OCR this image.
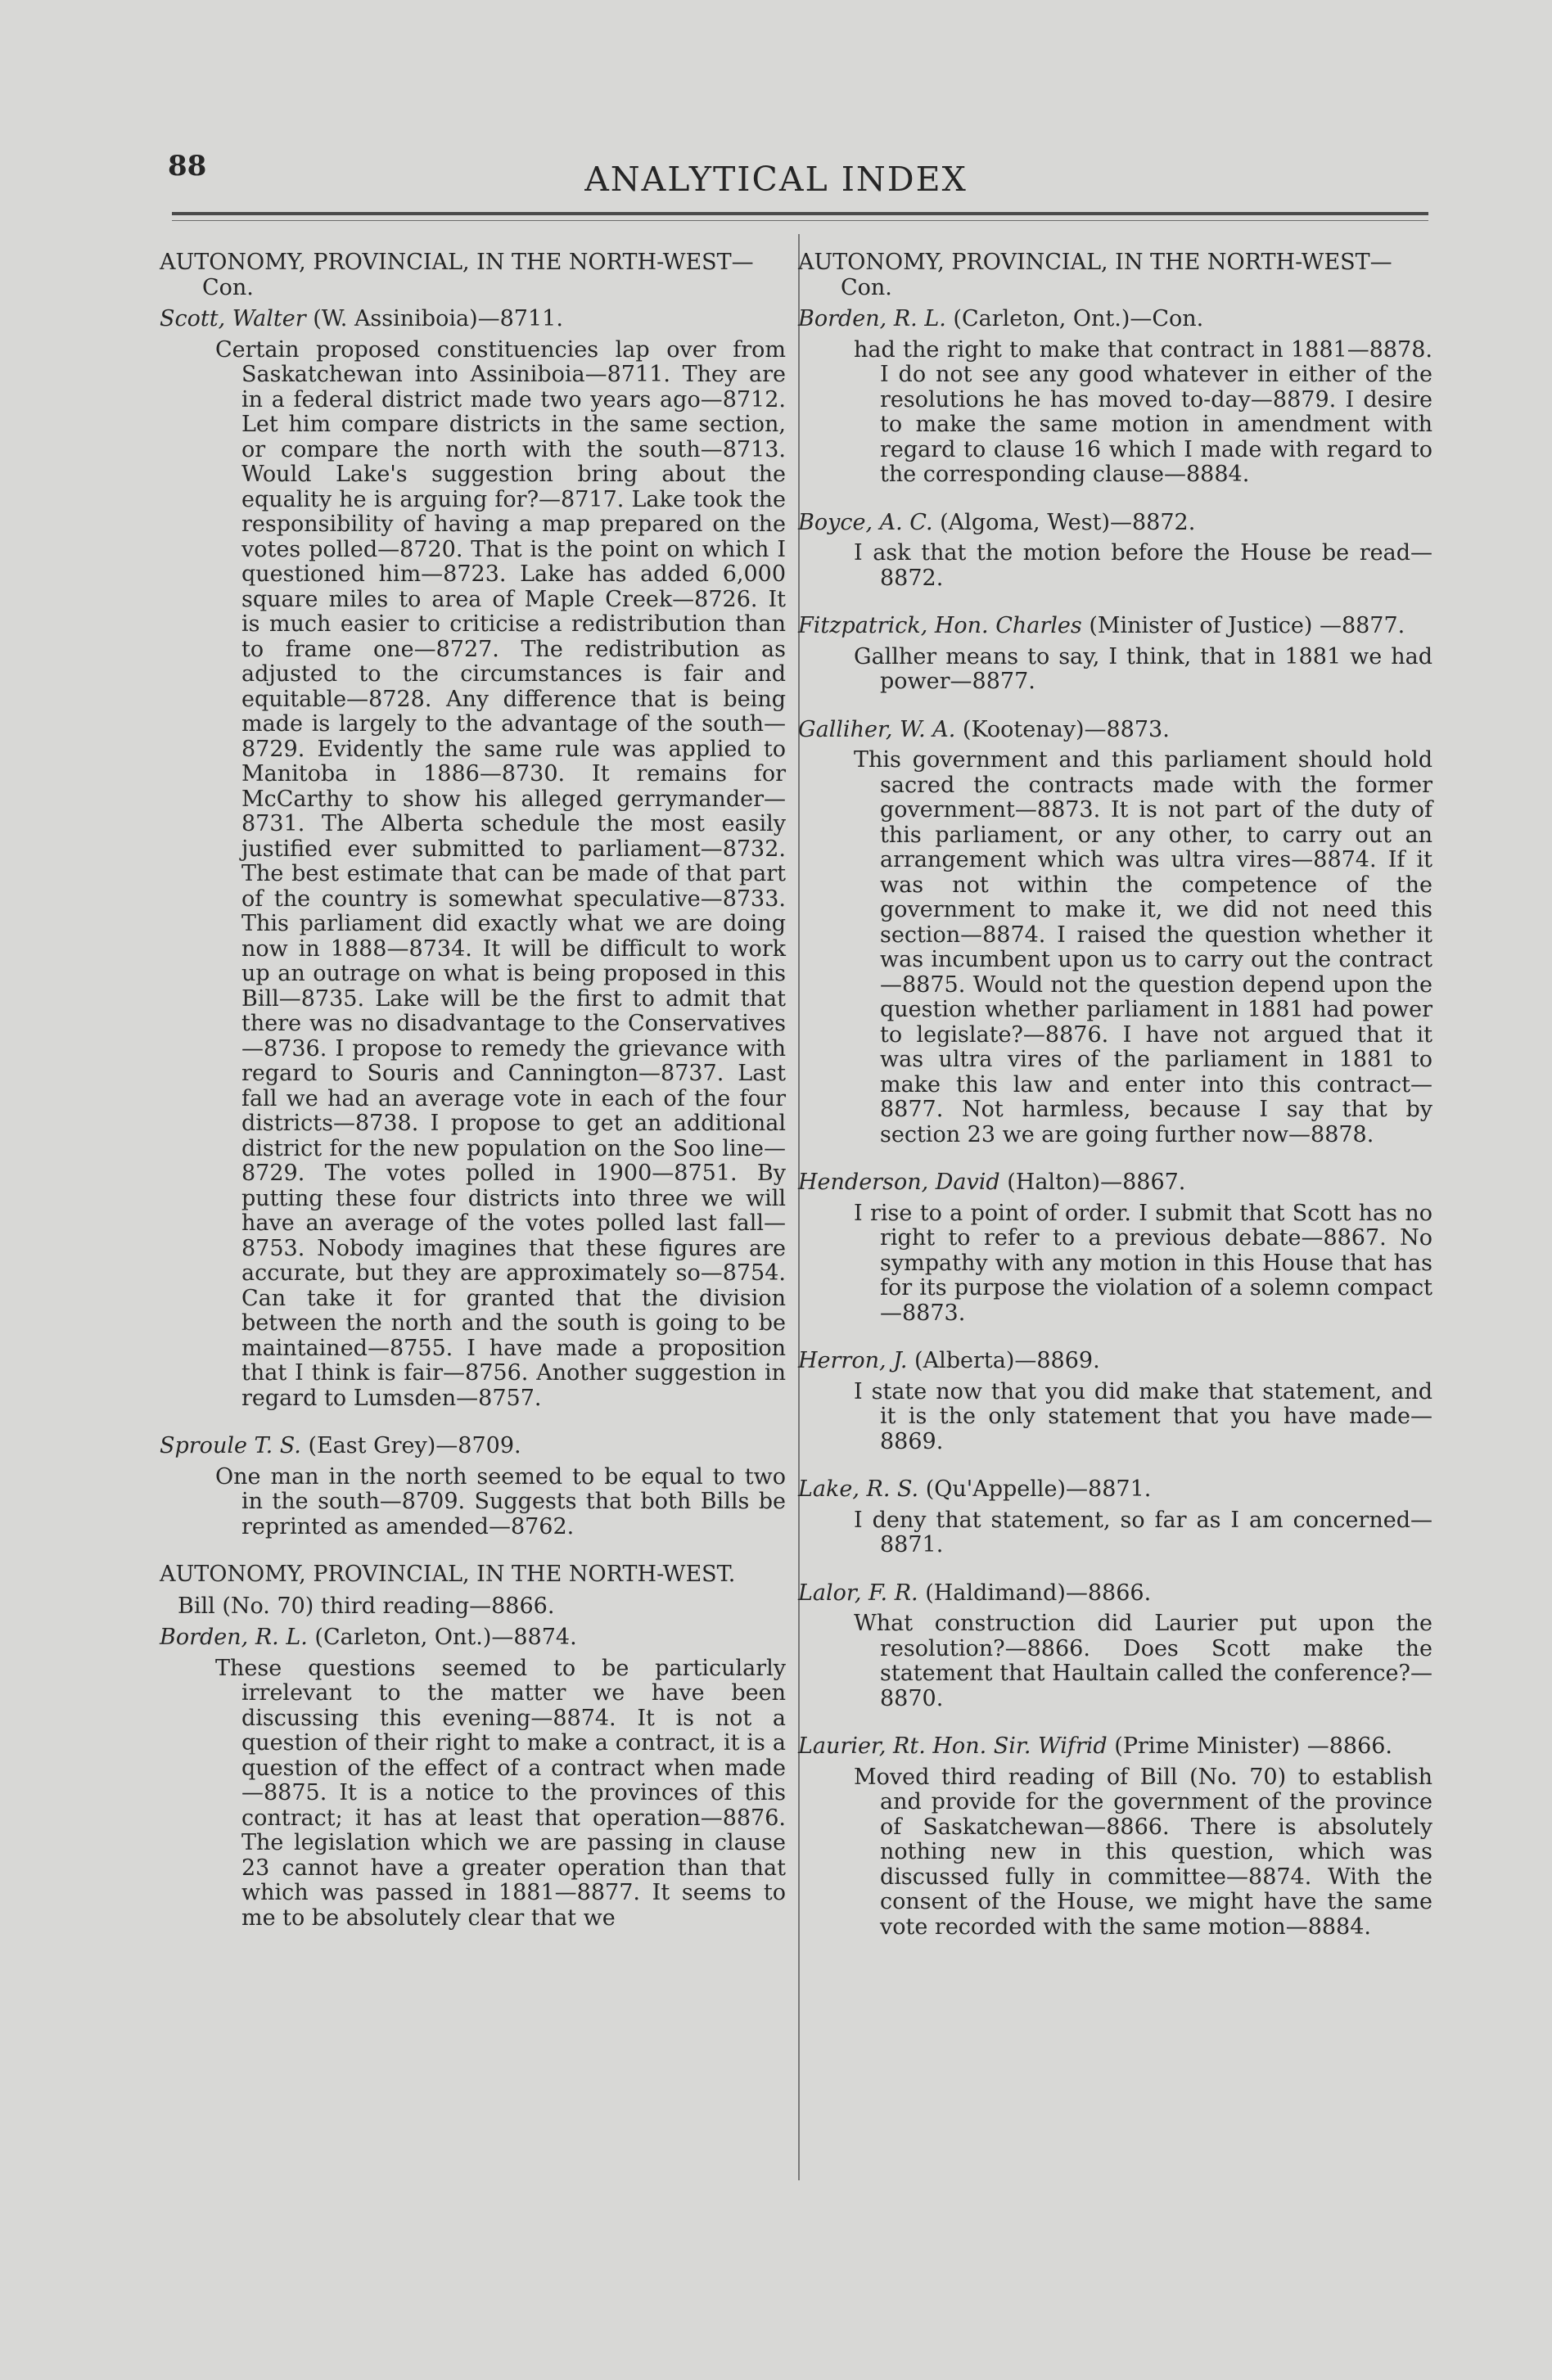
88	ANALYTICAL INDEX

AUTONOMY, PROVINCIAL, IN THE NORTH-WEST—Con.

Scott, Walter (W. Assiniboia)—8711.

Certain proposed constituencies lap over from Saskatchewan into Assiniboia—8711. They are in a federal district made two years ago—8712. Let him compare districts in the same section, or compare the north with the south—8713. Would Lake's suggestion bring about the equality he is arguing for?—8717. Lake took the responsibility of having a map prepared on the votes polled—8720. That is the point on which I questioned him—8723. Lake has added 6,000 square miles to area of Maple Creek—8726. It is much easier to criticise a redistribution than to frame one—8727. The redistribution as adjusted to the circumstances is fair and equitable—8728. Any difference that is being made is largely to the advantage of the south—8729. Evidently the same rule was applied to Manitoba in 1886—8730. It remains for McCarthy to show his alleged gerrymander—8731. The Alberta schedule the most easily justified ever submitted to parliament—8732. The best estimate that can be made of that part of the country is somewhat speculative—8733. This parliament did exactly what we are doing now in 1888—8734. It will be difficult to work up an outrage on what is being proposed in this Bill—8735. Lake will be the first to admit that there was no disadvantage to the Conservatives—8736. I propose to remedy the grievance with regard to Souris and Cannington—8737. Last fall we had an average vote in each of the four districts—8738. I propose to get an additional district for the new population on the Soo line—8729. The votes polled in 1900—8751. By putting these four districts into three we will have an average of the votes polled last fall—8753. Nobody imagines that these figures are accurate, but they are approximately so—8754. Can take it for granted that the division between the north and the south is going to be maintained—8755. I have made a proposition that I think is fair—8756. Another suggestion in regard to Lumsden—8757.

Sproule T. S. (East Grey)—8709.

One man in the north seemed to be equal to two in the south—8709. Suggests that both Bills be reprinted as amended—8762.

AUTONOMY, PROVINCIAL, IN THE NORTH-WEST.

Bill (No. 70) third reading—8866.

Borden, R. L. (Carleton, Ont.)—8874.

These questions seemed to be particularly irrelevant to the matter we have been discussing this evening—8874. It is not a question of their right to make a contract, it is a question of the effect of a contract when made—8875. It is a notice to the provinces of this contract; it has at least that operation—8876. The legislation which we are passing in clause 23 cannot have a greater operation than that which was passed in 1881—8877. It seems to me to be absolutely clear that we

AUTONOMY, PROVINCIAL, IN THE NORTH-WEST—Con.

Borden, R. L. (Carleton, Ont.)—Con.

had the right to make that contract in 1881—8878. I do not see any good whatever in either of the resolutions he has moved to-day—8879. I desire to make the same motion in amendment with regard to clause 16 which I made with regard to the corresponding clause—8884.

Boyce, A. C. (Algoma, West)—8872.

I ask that the motion before the House be read—8872.

Fitzpatrick, Hon. Charles (Minister of Justice) —8877.

Gallher means to say, I think, that in 1881 we had power—8877.

Galliher, W. A. (Kootenay)—8873.

This government and this parliament should hold sacred the contracts made with the former government—8873. It is not part of the duty of this parliament, or any other, to carry out an arrangement which was ultra vires—8874. If it was not within the competence of the government to make it, we did not need this section—8874. I raised the question whether it was incumbent upon us to carry out the contract—8875. Would not the question depend upon the question whether parliament in 1881 had power to legislate?—8876. I have not argued that it was ultra vires of the parliament in 1881 to make this law and enter into this contract—8877. Not harmless, because I say that by section 23 we are going further now—8878.

Henderson, David (Halton)—8867.

I rise to a point of order. I submit that Scott has no right to refer to a previous debate—8867. No sympathy with any motion in this House that has for its purpose the violation of a solemn compact—8873.

Herron, J. (Alberta)—8869.

I state now that you did make that statement, and it is the only statement that you have made—8869.

Lake, R. S. (Qu'Appelle)—8871.

I deny that statement, so far as I am concerned—8871.

Lalor, F. R. (Haldimand)—8866.

What construction did Laurier put upon the resolution?—8866. Does Scott make the statement that Haultain called the conference?—8870.

Laurier, Rt. Hon. Sir. Wifrid (Prime Minister) —8866.

Moved third reading of Bill (No. 70) to establish and provide for the government of the province of Saskatchewan—8866. There is absolutely nothing new in this question, which was discussed fully in committee—8874. With the consent of the House, we might have the same vote recorded with the same motion—8884.
